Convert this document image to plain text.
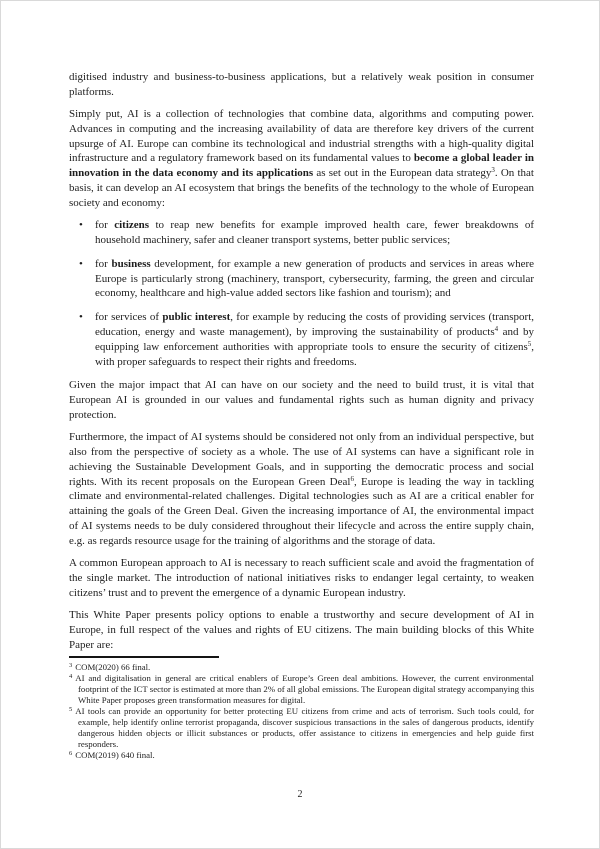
digitised industry and business-to-business applications, but a relatively weak position in consumer platforms.

Simply put, AI is a collection of technologies that combine data, algorithms and computing power. Advances in computing and the increasing availability of data are therefore key drivers of the current upsurge of AI. Europe can combine its technological and industrial strengths with a high-quality digital infrastructure and a regulatory framework based on its fundamental values to become a global leader in innovation in the data economy and its applications as set out in the European data strategy$^3$. On that basis, it can develop an AI ecosystem that brings the benefits of the technology to the whole of European society and economy:

• for citizens to reap new benefits for example improved health care, fewer breakdowns of household machinery, safer and cleaner transport systems, better public services;
• for business development, for example a new generation of products and services in areas where Europe is particularly strong (machinery, transport, cybersecurity, farming, the green and circular economy, healthcare and high-value added sectors like fashion and tourism); and
• for services of public interest, for example by reducing the costs of providing services (transport, education, energy and waste management), by improving the sustainability of products$^4$ and by equipping law enforcement authorities with appropriate tools to ensure the security of citizens$^5$, with proper safeguards to respect their rights and freedoms.

Given the major impact that AI can have on our society and the need to build trust, it is vital that European AI is grounded in our values and fundamental rights such as human dignity and privacy protection.

Furthermore, the impact of AI systems should be considered not only from an individual perspective, but also from the perspective of society as a whole. The use of AI systems can have a significant role in achieving the Sustainable Development Goals, and in supporting the democratic process and social rights. With its recent proposals on the European Green Deal$^6$, Europe is leading the way in tackling climate and environmental-related challenges. Digital technologies such as AI are a critical enabler for attaining the goals of the Green Deal. Given the increasing importance of AI, the environmental impact of AI systems needs to be duly considered throughout their lifecycle and across the entire supply chain, e.g. as regards resource usage for the training of algorithms and the storage of data.

A common European approach to AI is necessary to reach sufficient scale and avoid the fragmentation of the single market. The introduction of national initiatives risks to endanger legal certainty, to weaken citizens’ trust and to prevent the emergence of a dynamic European industry.

This White Paper presents policy options to enable a trustworthy and secure development of AI in Europe, in full respect of the values and rights of EU citizens. The main building blocks of this White Paper are:

$^3$ COM(2020) 66 final.
$^4$ AI and digitalisation in general are critical enablers of Europe’s Green deal ambitions. However, the current environmental footprint of the ICT sector is estimated at more than 2% of all global emissions. The European digital strategy accompanying this White Paper proposes green transformation measures for digital.
$^5$ AI tools can provide an opportunity for better protecting EU citizens from crime and acts of terrorism. Such tools could, for example, help identify online terrorist propaganda, discover suspicious transactions in the sales of dangerous products, identify dangerous hidden objects or illicit substances or products, offer assistance to citizens in emergencies and help guide first responders.
$^6$ COM(2019) 640 final.
2
